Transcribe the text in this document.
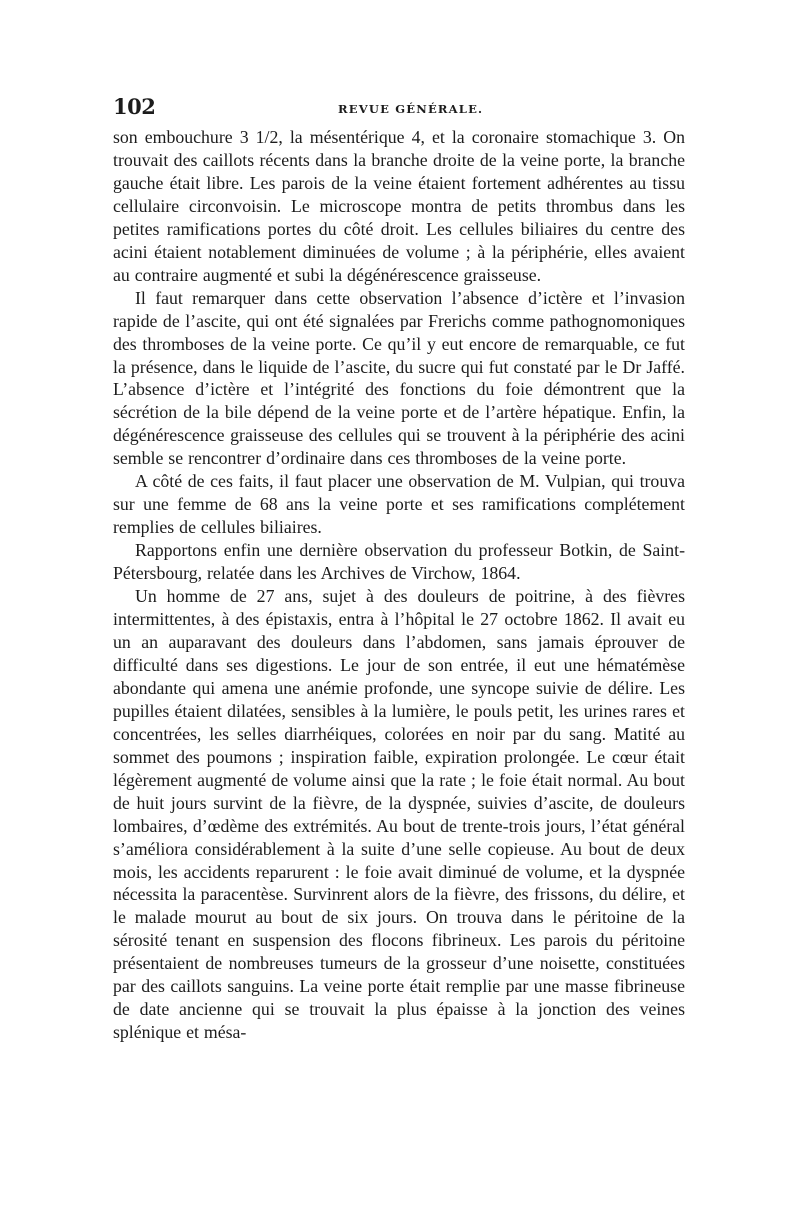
102	REVUE GÉNÉRALE.

son embouchure 3 1/2, la mésentérique 4, et la coronaire stomachique 3. On trouvait des caillots récents dans la branche droite de la veine porte, la branche gauche était libre. Les parois de la veine étaient fortement adhérentes au tissu cellulaire circonvoisin. Le microscope montra de petits thrombus dans les petites ramifications portes du côté droit. Les cellules biliaires du centre des acini étaient notablement diminuées de volume ; à la périphérie, elles avaient au contraire augmenté et subi la dégénérescence graisseuse.

Il faut remarquer dans cette observation l’absence d’ictère et l’invasion rapide de l’ascite, qui ont été signalées par Frerichs comme pathognomoniques des thromboses de la veine porte. Ce qu’il y eut encore de remarquable, ce fut la présence, dans le liquide de l’ascite, du sucre qui fut constaté par le Dr Jaffé. L’absence d’ictère et l’intégrité des fonctions du foie démontrent que la sécrétion de la bile dépend de la veine porte et de l’artère hépatique. Enfin, la dégénérescence graisseuse des cellules qui se trouvent à la périphérie des acini semble se rencontrer d’ordinaire dans ces thromboses de la veine porte.

A côté de ces faits, il faut placer une observation de M. Vulpian, qui trouva sur une femme de 68 ans la veine porte et ses ramifications complétement remplies de cellules biliaires.

Rapportons enfin une dernière observation du professeur Botkin, de Saint-Pétersbourg, relatée dans les Archives de Virchow, 1864.

Un homme de 27 ans, sujet à des douleurs de poitrine, à des fièvres intermittentes, à des épistaxis, entra à l’hôpital le 27 octobre 1862. Il avait eu un an auparavant des douleurs dans l’abdomen, sans jamais éprouver de difficulté dans ses digestions. Le jour de son entrée, il eut une hématémèse abondante qui amena une anémie profonde, une syncope suivie de délire. Les pupilles étaient dilatées, sensibles à la lumière, le pouls petit, les urines rares et concentrées, les selles diarrhéiques, colorées en noir par du sang. Matité au sommet des poumons ; inspiration faible, expiration prolongée. Le cœur était légèrement augmenté de volume ainsi que la rate ; le foie était normal. Au bout de huit jours survint de la fièvre, de la dyspnée, suivies d’ascite, de douleurs lombaires, d’œdème des extrémités. Au bout de trente-trois jours, l’état général s’améliora considérablement à la suite d’une selle copieuse. Au bout de deux mois, les accidents reparurent : le foie avait diminué de volume, et la dyspnée nécessita la paracentèse. Survinrent alors de la fièvre, des frissons, du délire, et le malade mourut au bout de six jours. On trouva dans le péritoine de la sérosité tenant en suspension des flocons fibrineux. Les parois du péritoine présentaient de nombreuses tumeurs de la grosseur d’une noisette, constituées par des caillots sanguins. La veine porte était remplie par une masse fibrineuse de date ancienne qui se trouvait la plus épaisse à la jonction des veines splénique et mésa-
